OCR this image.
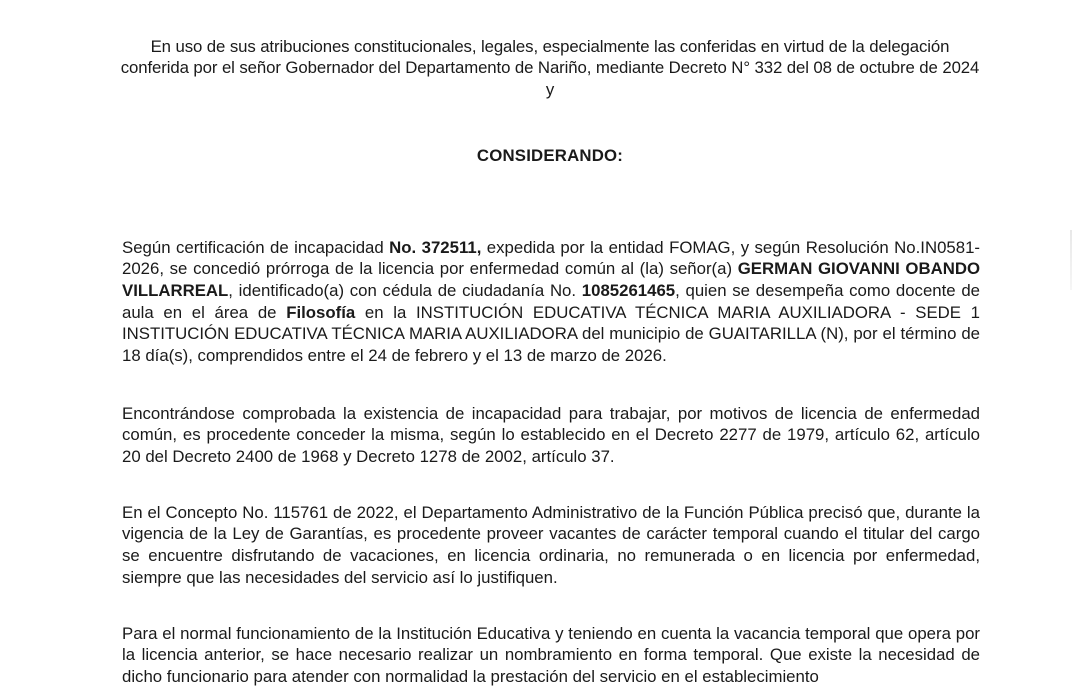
En uso de sus atribuciones constitucionales, legales, especialmente las conferidas en virtud de la delegación conferida por el señor Gobernador del Departamento de Nariño, mediante Decreto N° 332 del 08 de octubre de 2024 y

CONSIDERANDO:

Según certificación de incapacidad No. 372511, expedida por la entidad FOMAG, y según Resolución No.IN0581-2026, se concedió prórroga de la licencia por enfermedad común al (la) señor(a) GERMAN GIOVANNI OBANDO VILLARREAL, identificado(a) con cédula de ciudadanía No. 1085261465, quien se desempeña como docente de aula en el área de Filosofía en la INSTITUCIÓN EDUCATIVA TÉCNICA MARIA AUXILIADORA - SEDE 1 INSTITUCIÓN EDUCATIVA TÉCNICA MARIA AUXILIADORA del municipio de GUAITARILLA (N), por el término de 18 día(s), comprendidos entre el 24 de febrero y el 13 de marzo de 2026.

Encontrándose comprobada la existencia de incapacidad para trabajar, por motivos de licencia de enfermedad común, es procedente conceder la misma, según lo establecido en el Decreto 2277 de 1979, artículo 62, artículo 20 del Decreto 2400 de 1968 y Decreto 1278 de 2002, artículo 37.

En el Concepto No. 115761 de 2022, el Departamento Administrativo de la Función Pública precisó que, durante la vigencia de la Ley de Garantías, es procedente proveer vacantes de carácter temporal cuando el titular del cargo se encuentre disfrutando de vacaciones, en licencia ordinaria, no remunerada o en licencia por enfermedad, siempre que las necesidades del servicio así lo justifiquen.

Para el normal funcionamiento de la Institución Educativa y teniendo en cuenta la vacancia temporal que opera por la licencia anterior, se hace necesario realizar un nombramiento en forma temporal. Que existe la necesidad de dicho funcionario para atender con normalidad la prestación del servicio en el establecimiento
